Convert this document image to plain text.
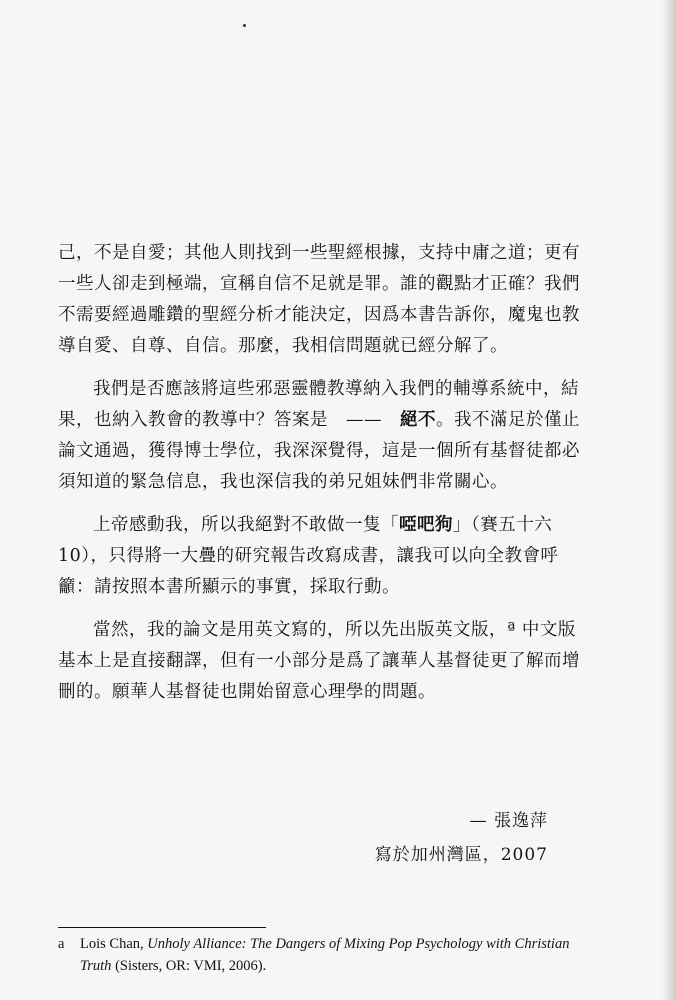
己，不是自愛；其他人則找到一些聖經根據，支持中庸之道；更有一些人卻走到極端，宣稱自信不足就是罪。誰的觀點才正確？我們不需要經過雕鑽的聖經分析才能決定，因爲本書告訴你，魔鬼也教導自愛、自尊、自信。那麼，我相信問題就已經分解了。

我們是否應該將這些邪惡靈體教導納入我們的輔導系統中，結果，也納入教會的教導中？答案是　——　絕不。我不滿足於僅止論文通過，獲得博士學位，我深深覺得，這是一個所有基督徒都必須知道的緊急信息，我也深信我的弟兄姐妹們非常關心。

上帝感動我，所以我絕對不敢做一隻「啞吧狗」（賽五十六10），只得將一大疊的研究報告改寫成書，讓我可以向全教會呼籲：請按照本書所顯示的事實，採取行動。

當然，我的論文是用英文寫的，所以先出版英文版，ª 中文版基本上是直接翻譯，但有一小部分是爲了讓華人基督徒更了解而增刪的。願華人基督徒也開始留意心理學的問題。

— 張逸萍
寫於加州灣區，2007
a Lois Chan, Unholy Alliance: The Dangers of Mixing Pop Psychology with Christian
Truth (Sisters, OR: VMI, 2006).
